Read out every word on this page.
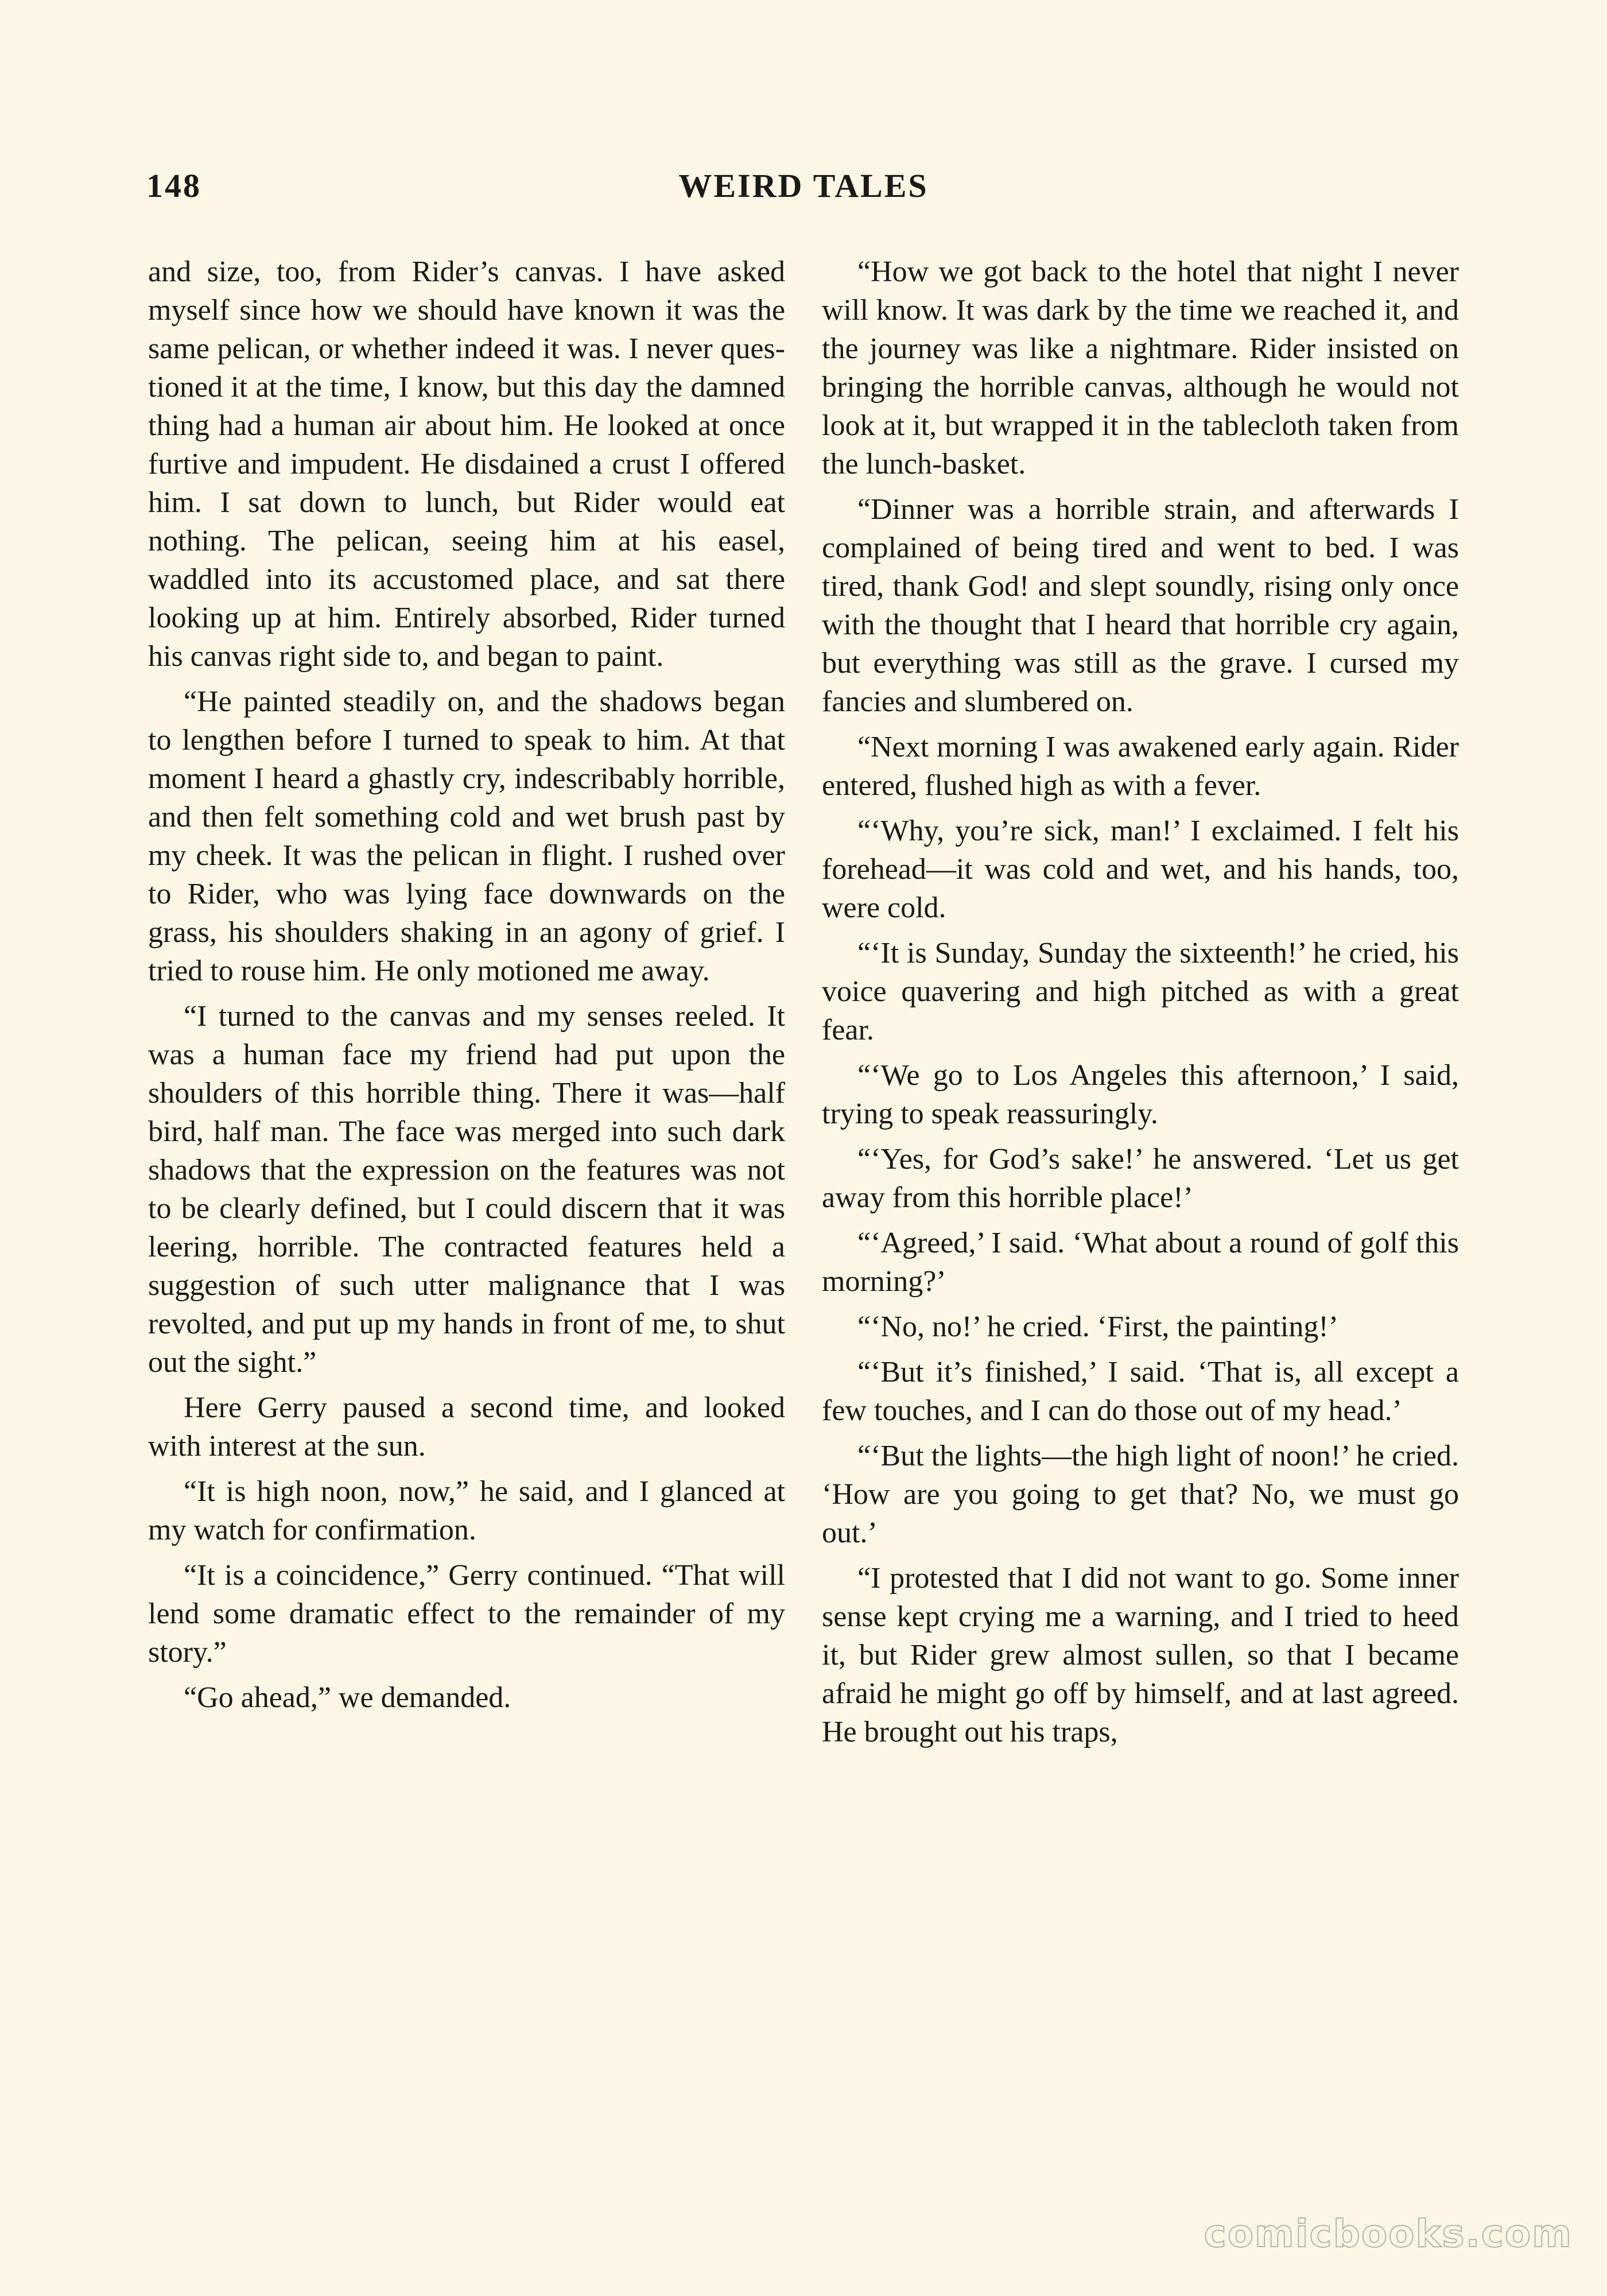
148	WEIRD TALES

and size, too, from Rider’s canvas. I have asked myself since how we should have known it was the same pelican, or whether indeed it was. I never questioned it at the time, I know, but this day the damned thing had a human air about him. He looked at once furtive and impudent. He disdained a crust I offered him. I sat down to lunch, but Rider would eat nothing. The pelican, seeing him at his easel, waddled into its accustomed place, and sat there looking up at him. Entirely absorbed, Rider turned his canvas right side to, and began to paint.

“He painted steadily on, and the shadows began to lengthen before I turned to speak to him. At that moment I heard a ghastly cry, indescribably horrible, and then felt something cold and wet brush past by my cheek. It was the pelican in flight. I rushed over to Rider, who was lying face downwards on the grass, his shoulders shaking in an agony of grief. I tried to rouse him. He only motioned me away.

“I turned to the canvas and my senses reeled. It was a human face my friend had put upon the shoulders of this horrible thing. There it was—half bird, half man. The face was merged into such dark shadows that the expression on the features was not to be clearly defined, but I could discern that it was leering, horrible. The contracted features held a suggestion of such utter malignance that I was revolted, and put up my hands in front of me, to shut out the sight.”

Here Gerry paused a second time, and looked with interest at the sun.

“It is high noon, now,” he said, and I glanced at my watch for confirmation.

“It is a coincidence,” Gerry continued. “That will lend some dramatic effect to the remainder of my story.”

“Go ahead,” we demanded.

“How we got back to the hotel that night I never will know. It was dark by the time we reached it, and the journey was like a nightmare. Rider insisted on bringing the horrible canvas, although he would not look at it, but wrapped it in the tablecloth taken from the lunch-basket.

“Dinner was a horrible strain, and afterwards I complained of being tired and went to bed. I was tired, thank God! and slept soundly, rising only once with the thought that I heard that horrible cry again, but everything was still as the grave. I cursed my fancies and slumbered on.

“Next morning I was awakened early again. Rider entered, flushed high as with a fever.

“‘Why, you’re sick, man!’ I exclaimed. I felt his forehead—it was cold and wet, and his hands, too, were cold.

“‘It is Sunday, Sunday the sixteenth!’ he cried, his voice quavering and high pitched as with a great fear.

“‘We go to Los Angeles this afternoon,’ I said, trying to speak reassuringly.

“‘Yes, for God’s sake!’ he answered. ‘Let us get away from this horrible place!’

“‘Agreed,’ I said. ‘What about a round of golf this morning?’

“‘No, no!’ he cried. ‘First, the painting!’

“‘But it’s finished,’ I said. ‘That is, all except a few touches, and I can do those out of my head.’

“‘But the lights—the high light of noon!’ he cried. ‘How are you going to get that? No, we must go out.’

“I protested that I did not want to go. Some inner sense kept crying me a warning, and I tried to heed it, but Rider grew almost sullen, so that I became afraid he might go off by himself, and at last agreed. He brought out his traps,

comicbooks.com
